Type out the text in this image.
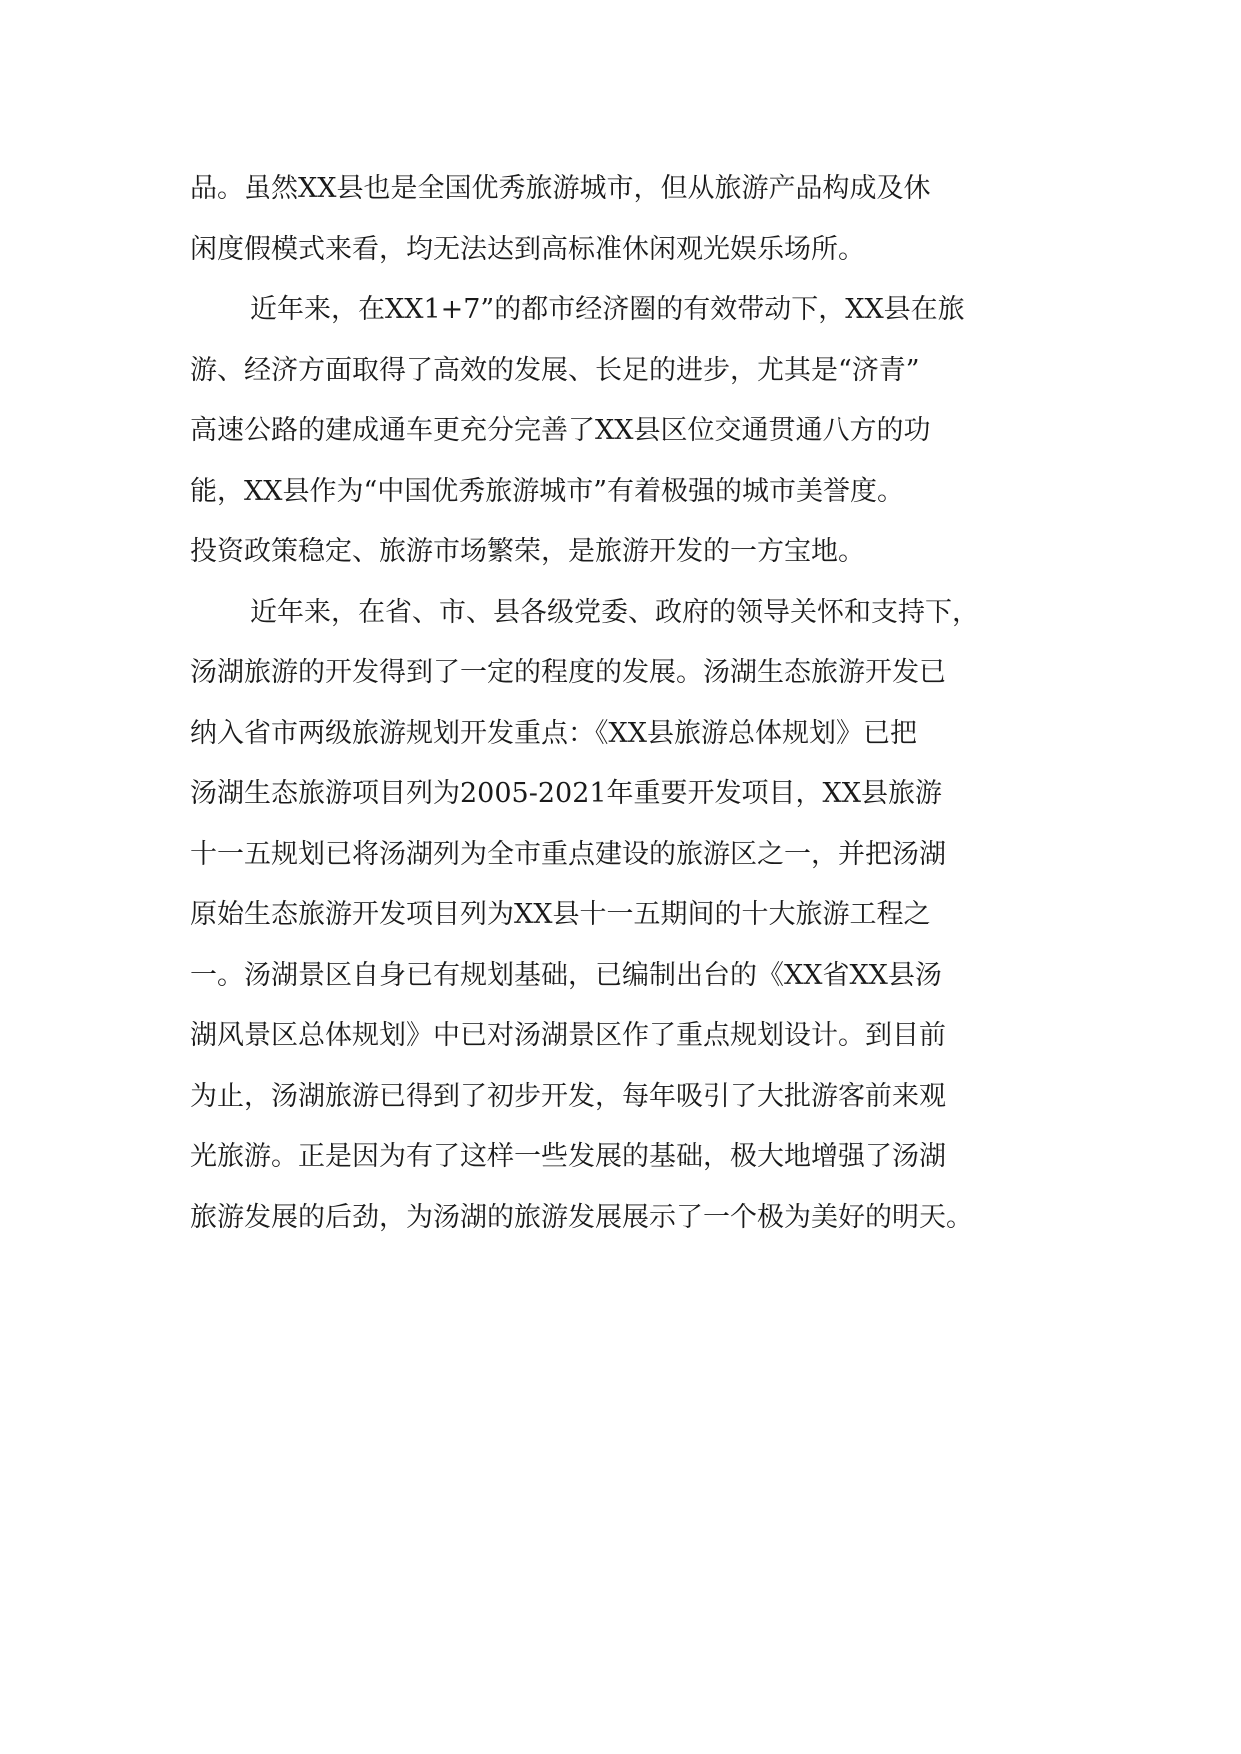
品。虽然XX县也是全国优秀旅游城市，但从旅游产品构成及休
闲度假模式来看，均无法达到高标准休闲观光娱乐场所。
近年来，在XX1+7”的都市经济圈的有效带动下，XX县在旅
游、经济方面取得了高效的发展、长足的进步，尤其是“济青”
高速公路的建成通车更充分完善了XX县区位交通贯通八方的功
能，XX县作为“中国优秀旅游城市”有着极强的城市美誉度。
投资政策稳定、旅游市场繁荣，是旅游开发的一方宝地。
近年来，在省、市、县各级党委、政府的领导关怀和支持下，
汤湖旅游的开发得到了一定的程度的发展。汤湖生态旅游开发已
纳入省市两级旅游规划开发重点：《XX县旅游总体规划》已把
汤湖生态旅游项目列为2005-2021年重要开发项目，XX县旅游
十一五规划已将汤湖列为全市重点建设的旅游区之一，并把汤湖
原始生态旅游开发项目列为XX县十一五期间的十大旅游工程之
一。汤湖景区自身已有规划基础，已编制出台的《XX省XX县汤
湖风景区总体规划》中已对汤湖景区作了重点规划设计。到目前
为止，汤湖旅游已得到了初步开发，每年吸引了大批游客前来观
光旅游。正是因为有了这样一些发展的基础，极大地增强了汤湖
旅游发展的后劲，为汤湖的旅游发展展示了一个极为美好的明天。
